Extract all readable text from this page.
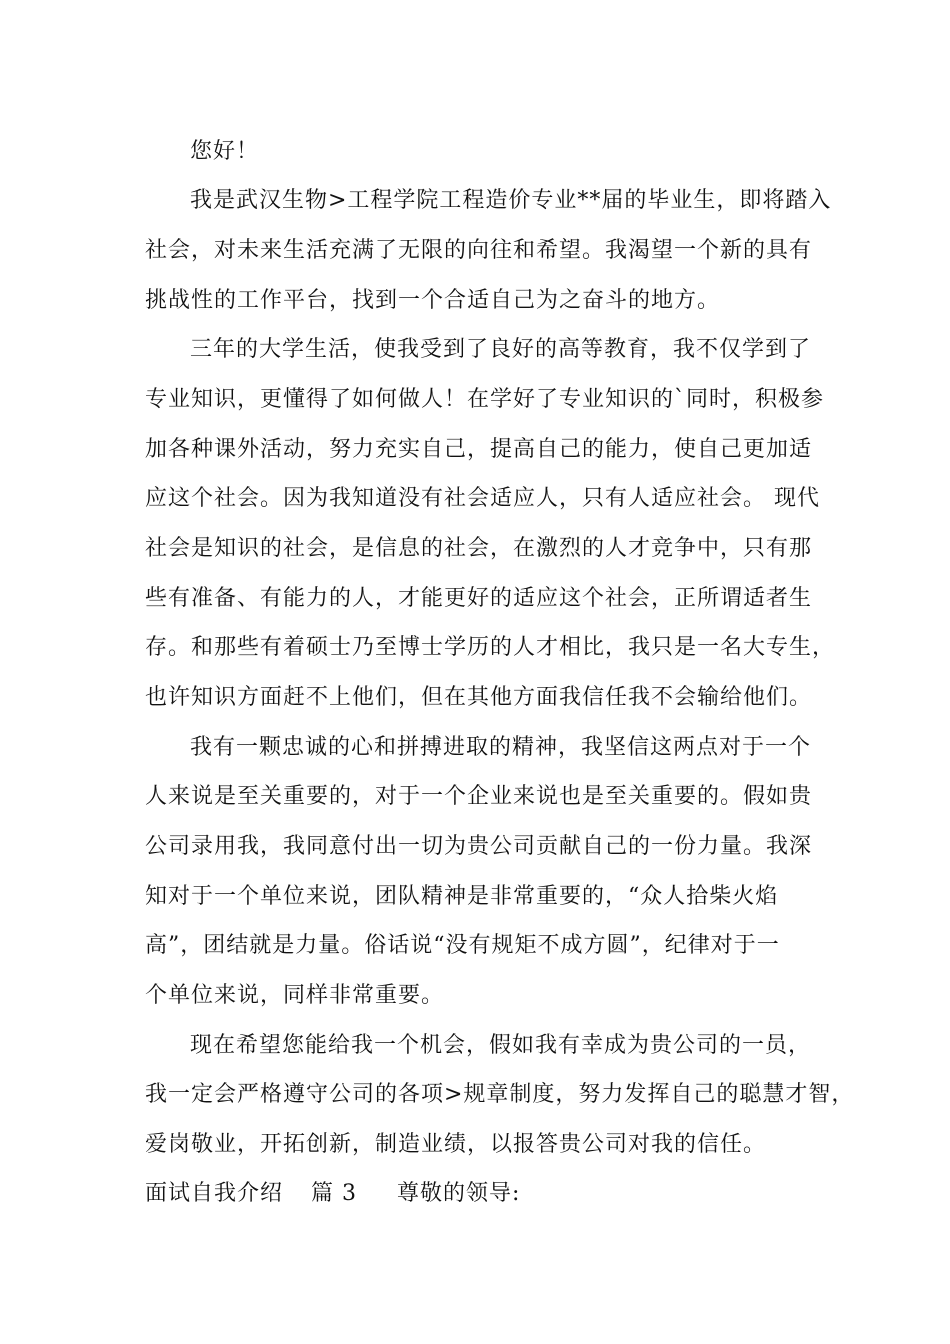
您好！
我是武汉生物>工程学院工程造价专业**届的毕业生，即将踏入
社会，对未来生活充满了无限的向往和希望。我渴望一个新的具有
挑战性的工作平台，找到一个合适自己为之奋斗的地方。
三年的大学生活，使我受到了良好的高等教育，我不仅学到了
专业知识，更懂得了如何做人！在学好了专业知识的`同时，积极参
加各种课外活动，努力充实自己，提高自己的能力，使自己更加适
应这个社会。因为我知道没有社会适应人，只有人适应社会。 现代
社会是知识的社会，是信息的社会，在激烈的人才竞争中，只有那
些有准备、有能力的人，才能更好的适应这个社会，正所谓适者生
存。和那些有着硕士乃至博士学历的人才相比，我只是一名大专生，
也许知识方面赶不上他们，但在其他方面我信任我不会输给他们。
我有一颗忠诚的心和拼搏进取的精神，我坚信这两点对于一个
人来说是至关重要的，对于一个企业来说也是至关重要的。假如贵
公司录用我，我同意付出一切为贵公司贡献自己的一份力量。我深
知对于一个单位来说，团队精神是非常重要的，“众人拾柴火焰
高”，团结就是力量。俗话说“没有规矩不成方圆”，纪律对于一
个单位来说，同样非常重要。
现在希望您能给我一个机会，假如我有幸成为贵公司的一员，
我一定会严格遵守公司的各项>规章制度，努力发挥自己的聪慧才智，
爱岗敬业，开拓创新，制造业绩，以报答贵公司对我的信任。
面试自我介绍 篇 3 尊敬的领导:
